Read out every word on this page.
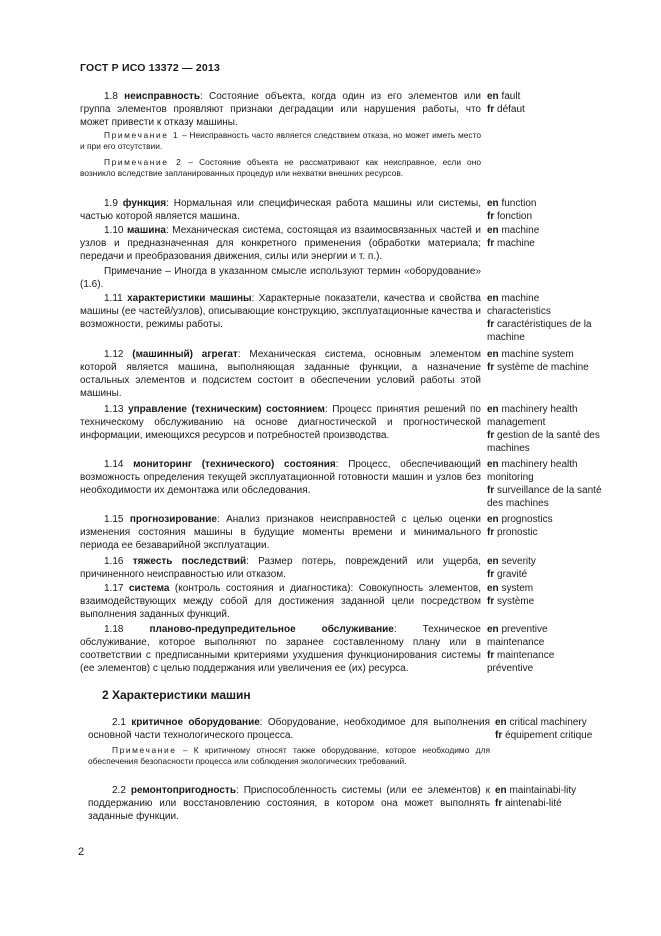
ГОСТ Р ИСО 13372 — 2013
1.8 неисправность: Состояние объекта, когда один из его элементов или группа элементов проявляют признаки деградации или нарушения работы, что может привести к отказу машины.
en fault
fr défaut
Примечание 1 – Неисправность часто является следствием отказа, но может иметь место и при его отсутствии.
Примечание 2 – Состояние объекта не рассматривают как неисправное, если оно возникло вследствие запланированных процедур или нехватки внешних ресурсов.
1.9 функция: Нормальная или специфическая работа машины или системы, частью которой является машина.
en function
fr fonction
1.10 машина: Механическая система, состоящая из взаимосвязанных частей и узлов и предназначенная для конкретного применения (обработки материала; передачи и преобразования движения, силы или энергии и т. п.).
en machine
fr machine
Примечание – Иногда в указанном смысле используют термин «оборудование» (1.6).
1.11 характеристики машины: Характерные показатели, качества и свойства машины (ее частей/узлов), описывающие конструкцию, эксплуатационные качества и возможности, режимы работы.
en machine
characteristics
fr caractéristiques de la
machine
1.12 (машинный) агрегат: Механическая система, основным элементом которой является машина, выполняющая заданные функции, а назначение остальных элементов и подсистем состоит в обеспечении условий работы этой машины.
en machine system
fr système de machine
1.13 управление (техническим) состоянием: Процесс принятия решений по техническому обслуживанию на основе диагностической и прогностической информации, имеющихся ресурсов и потребностей производства.
en machinery health
management
fr gestion de la santé des
machines
1.14 мониторинг (технического) состояния: Процесс, обеспечивающий возможность определения текущей эксплуатационной готовности машин и узлов без необходимости их демонтажа или обследования.
en machinery health
monitoring
fr surveillance de la santé
des machines
1.15 прогнозирование: Анализ признаков неисправностей с целью оценки изменения состояния машины в будущие моменты времени и минимального периода ее безаварийной эксплуатации.
en prognostics
fr pronostic
1.16 тяжесть последствий: Размер потерь, повреждений или ущерба, причиненного неисправностью или отказом.
en severity
fr gravité
1.17 система (контроль состояния и диагностика): Совокупность элементов, взаимодействующих между собой для достижения заданной цели посредством выполнения заданных функций.
en system
fr système
1.18 планово-предупредительное обслуживание: Техническое обслуживание, которое выполняют по заранее составленному плану или в соответствии с предписанными критериями ухудшения функционирования системы (ее элементов) с целью поддержания или увеличения ее (их) ресурса.
en preventive
maintenance
fr maintenance
préventive
2 Характеристики машин
2.1 критичное оборудование: Оборудование, необходимое для выполнения основной части технологического процесса.
en critical machinery
fr équipement critique
Примечание – К критичному относят также оборудование, которое необходимо для обеспечения безопасности процесса или соблюдения экологических требований.
2.2 ремонтопригодность: Приспособленность системы (или ее элементов) к поддержанию или восстановлению состояния, в котором она может выполнять заданные функции.
en maintainabi-lity
fr aintenabi-lité
2
